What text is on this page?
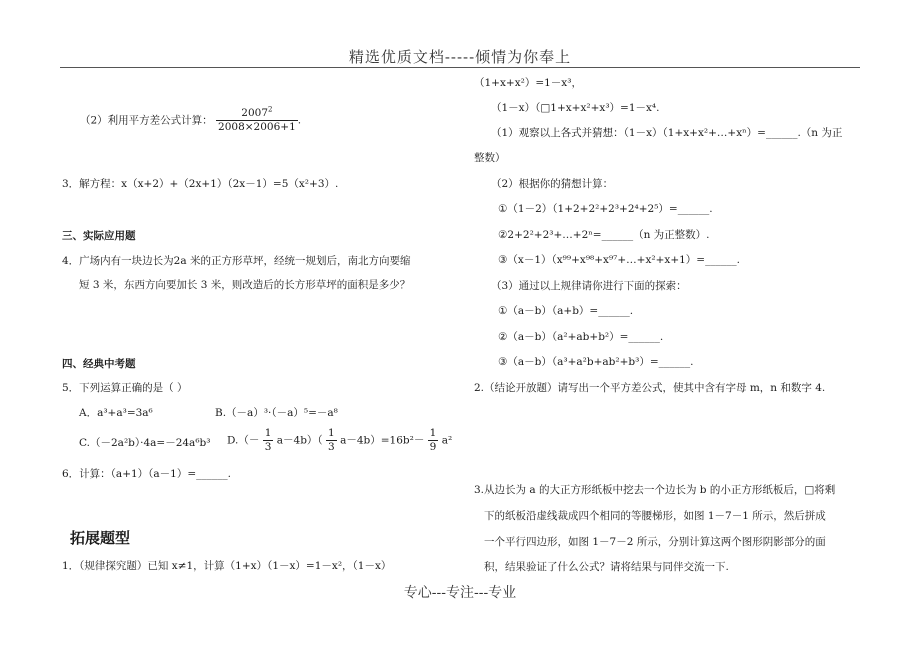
精选优质文档-----倾情为你奉上
（2）利用平方差公式计算： $\frac{2007^2}{2008\times 2006+1}$ .
3．解方程：x（x+2）+（2x+1）（2x－1）=5（x²+3）.
三、实际应用题
4．广场内有一块边长为2a 米的正方形草坪，经统一规划后，南北方向要缩
短 3 米，东西方向要加长 3 米，则改造后的长方形草坪的面积是多少？
四、经典中考题
5．下列运算正确的是（ ）
A．a³+a³=3a⁶	B.（－a）³·（－a）⁵=－a⁸
C.（－2a²b）·4a=－24a⁶b³ $D.(- \frac{1}{3} a-4b)( \frac{1}{3} a-4b)=16b^2- \frac{1}{9} a^2$
6．计算：（a+1）（a－1）=______.
拓展题型
1．（规律探究题）已知 x≠1，计算（1+x）（1－x）=1－x²，（1－x）
（1+x+x²）=1－x³，
（1－x）（□1+x+x²+x³）=1－x⁴.
（1）观察以上各式并猜想：（1－x）（1+x+x²+…+xⁿ）=______.（n 为正
整数）
（2）根据你的猜想计算：
①（1－2）（1+2+2²+2³+2⁴+2⁵）=______.
②2+2²+2³+…+2ⁿ=______（n 为正整数）.
③（x－1）（x⁹⁹+x⁹⁸+x⁹⁷+…+x²+x+1）=______.
（3）通过以上规律请你进行下面的探索：
①（a－b）（a+b）=______.
②（a－b）（a²+ab+b²）=______.
③（a－b）（a³+a²b+ab²+b³）=______.
2.（结论开放题）请写出一个平方差公式，使其中含有字母 m，n 和数字 4.
3.从边长为 a 的大正方形纸板中挖去一个边长为 b 的小正方形纸板后，□将剩
下的纸板沿虚线裁成四个相同的等腰梯形，如图 1－7－1 所示，然后拼成
一个平行四边形，如图 1－7－2 所示，分别计算这两个图形阴影部分的面
积，结果验证了什么公式？请将结果与同伴交流一下.
专心---专注---专业
